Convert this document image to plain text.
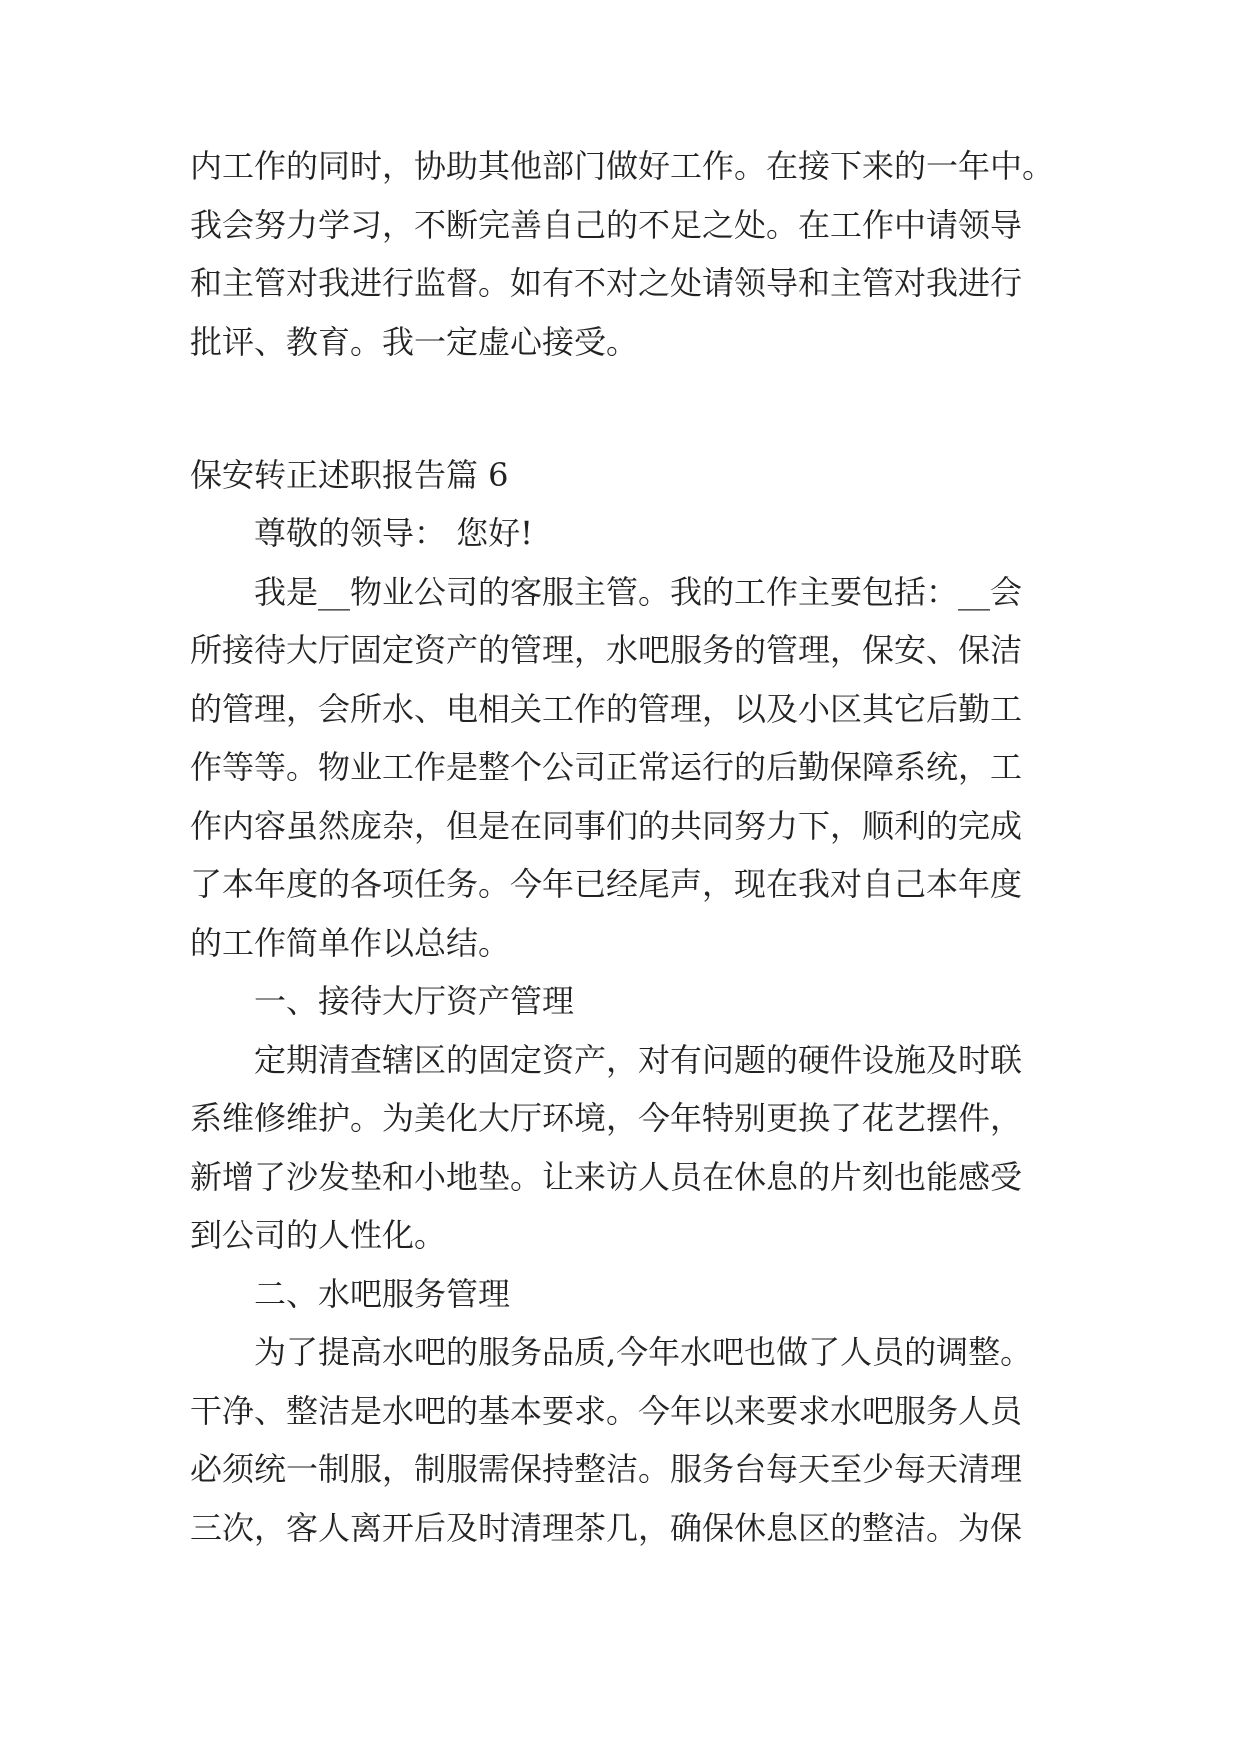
内工作的同时，协助其他部门做好工作。在接下来的一年中。
我会努力学习，不断完善自己的不足之处。在工作中请领导
和主管对我进行监督。如有不对之处请领导和主管对我进行
批评、教育。我一定虚心接受。
保安转正述职报告篇 6
尊敬的领导： 您好!
我是__物业公司的客服主管。我的工作主要包括：__会
所接待大厅固定资产的管理，水吧服务的管理，保安、保洁
的管理，会所水、电相关工作的管理，以及小区其它后勤工
作等等。物业工作是整个公司正常运行的后勤保障系统，工
作内容虽然庞杂，但是在同事们的共同努力下，顺利的完成
了本年度的各项任务。今年已经尾声，现在我对自己本年度
的工作简单作以总结。
一、接待大厅资产管理
定期清查辖区的固定资产，对有问题的硬件设施及时联
系维修维护。为美化大厅环境，今年特别更换了花艺摆件，
新增了沙发垫和小地垫。让来访人员在休息的片刻也能感受
到公司的人性化。
二、水吧服务管理
为了提高水吧的服务品质,今年水吧也做了人员的调整。
干净、整洁是水吧的基本要求。今年以来要求水吧服务人员
必须统一制服，制服需保持整洁。服务台每天至少每天清理
三次，客人离开后及时清理茶几，确保休息区的整洁。为保
